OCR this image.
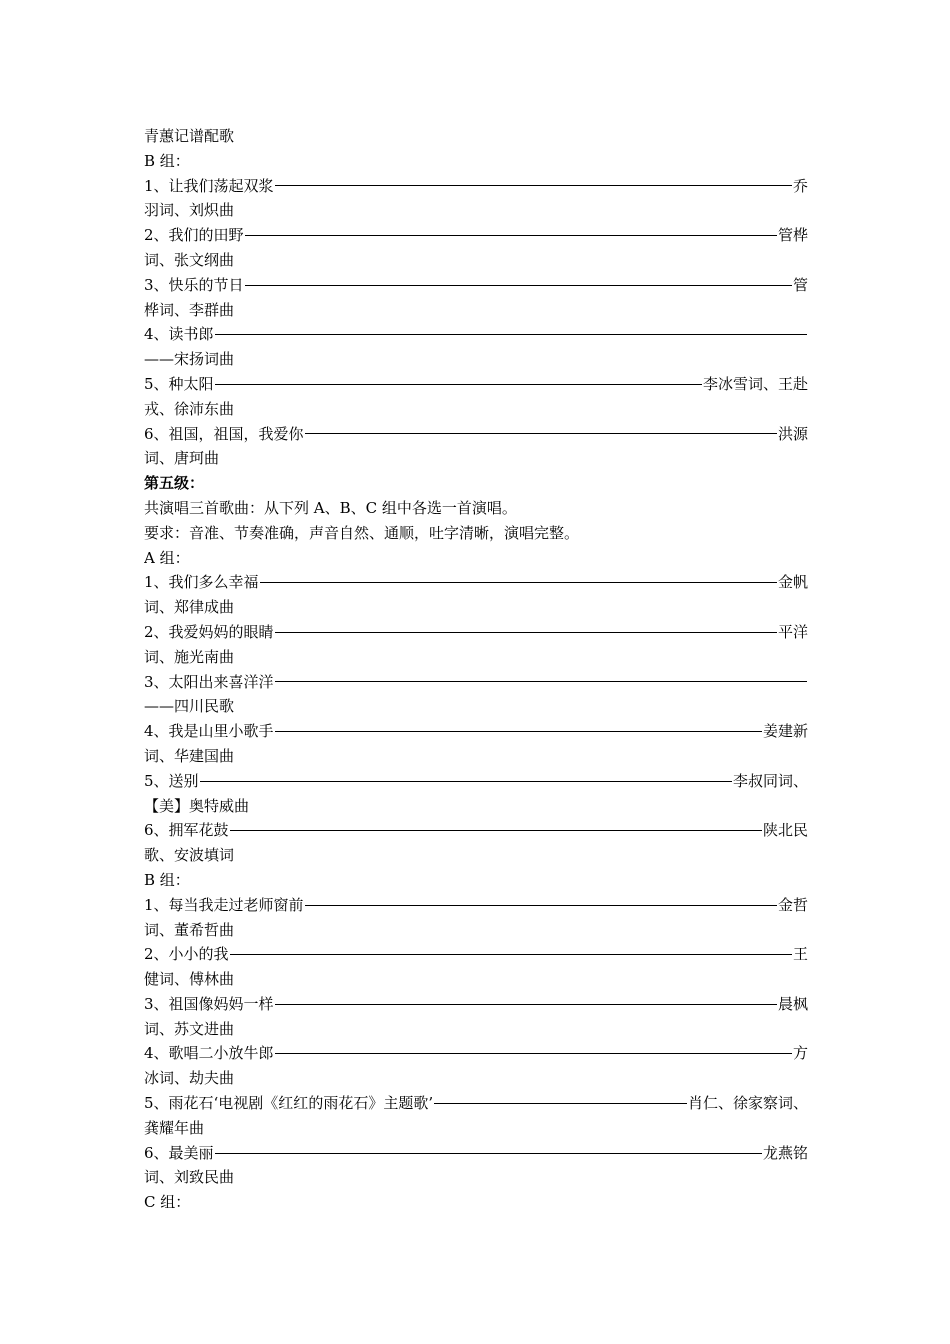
青蕙记谱配歌
B 组：
1、让我们荡起双浆	乔
羽词、刘炽曲
2、我们的田野	管桦
词、张文纲曲
3、快乐的节日	管
桦词、李群曲
4、读书郎
——宋扬词曲
5、种太阳	李冰雪词、王赴
戎、徐沛东曲
6、祖国，祖国，我爱你	洪源
词、唐珂曲
第五级：
共演唱三首歌曲：从下列 A、B、C 组中各选一首演唱。
要求：音准、节奏准确，声音自然、通顺，吐字清晰，演唱完整。
A 组：
1、我们多么幸福	金帆
词、郑律成曲
2、我爱妈妈的眼睛	平洋
词、施光南曲
3、太阳出来喜洋洋
——四川民歌
4、我是山里小歌手	姜建新
词、华建国曲
5、送别	李叔同词、
【美】奥特威曲
6、拥军花鼓	陕北民
歌、安波填词
B 组：
1、每当我走过老师窗前	金哲
词、董希哲曲
2、小小的我	王
健词、傅林曲
3、祖国像妈妈一样	晨枫
词、苏文进曲
4、歌唱二小放牛郎	方
冰词、劫夫曲
5、雨花石‘电视剧《红红的雨花石》主题歌’	肖仁、徐家察词、
龚耀年曲
6、最美丽	龙燕铭
词、刘致民曲
C 组：
